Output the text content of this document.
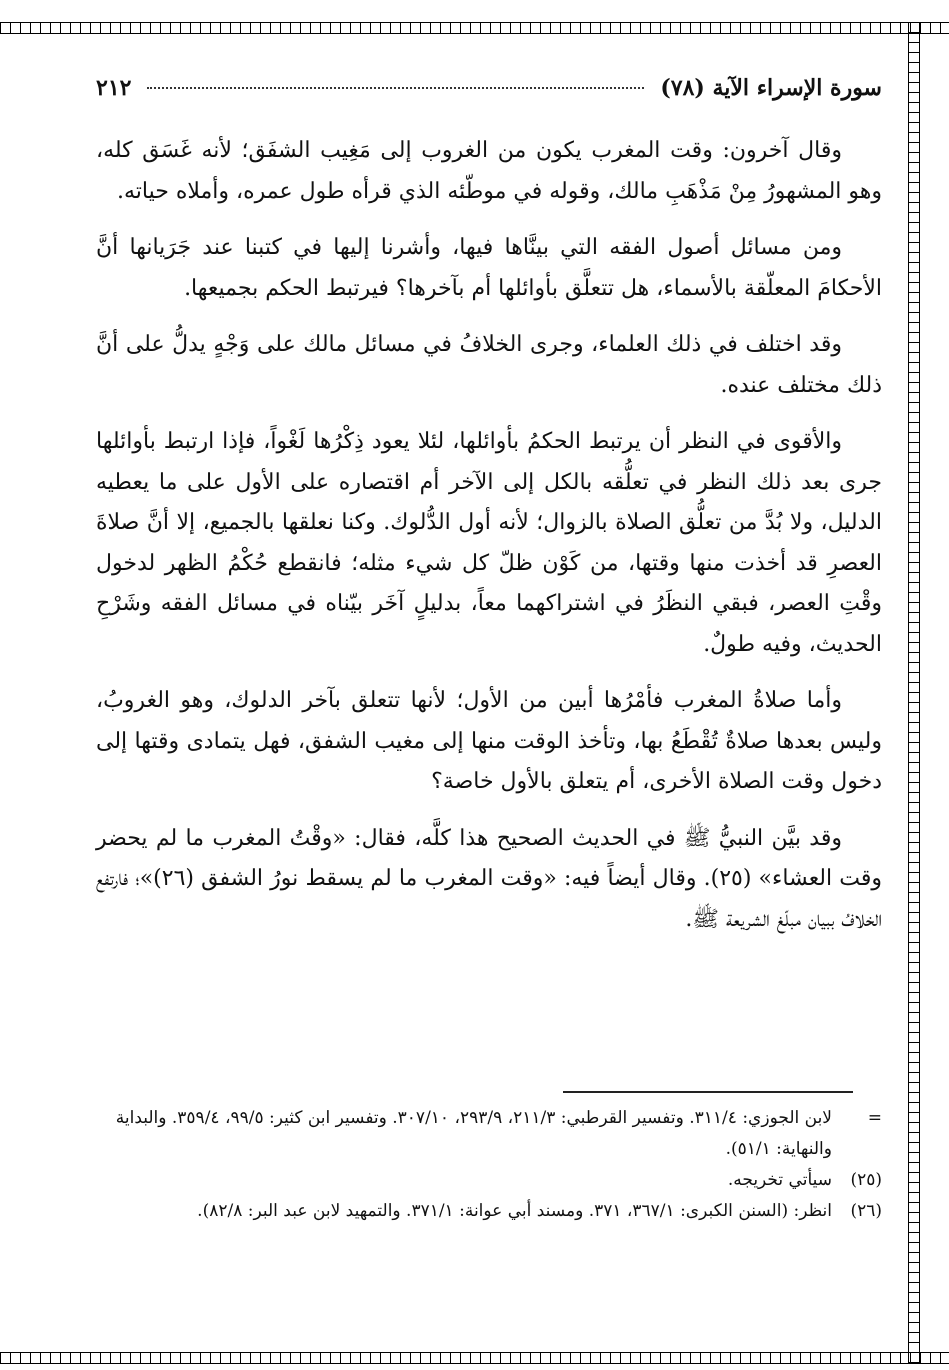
سورة الإسراء الآية (٧٨)
٢١٢

وقال آخرون: وقت المغرب يكون من الغروب إلى مَغِيب الشفَق؛ لأنه غَسَق كله، وهو المشهورُ مِنْ مَذْهَبِ مالك، وقوله في موطّئه الذي قرأه طول عمره، وأملاه حياته.

ومن مسائل أصول الفقه التي بينَّاها فيها، وأشرنا إليها في كتبنا عند جَرَيانها أنَّ الأحكامَ المعلّقة بالأسماء، هل تتعلَّق بأوائلها أم بآخرها؟ فيرتبط الحكم بجميعها.

وقد اختلف في ذلك العلماء، وجرى الخلافُ في مسائل مالك على وَجْهٍ يدلُّ على أنَّ ذلك مختلف عنده.

والأقوى في النظر أن يرتبط الحكمُ بأوائلها، لئلا يعود ذِكْرُها لَغْواً، فإذا ارتبط بأوائلها جرى بعد ذلك النظر في تعلُّقه بالكل إلى الآخر أم اقتصاره على الأول على ما يعطيه الدليل، ولا بُدَّ من تعلُّق الصلاة بالزوال؛ لأنه أول الدُّلوك. وكنا نعلقها بالجميع، إلا أنَّ صلاةَ العصرِ قد أخذت منها وقتها، من كَوْن ظلّ كل شيء مثله؛ فانقطع حُكْمُ الظهر لدخول وقْتِ العصر، فبقي النظَرُ في اشتراكهما معاً، بدليلٍ آخَر بيّناه في مسائل الفقه وشَرْحِ الحديث، وفيه طولٌ.

وأما صلاةُ المغرب فأمْرُها أبين من الأول؛ لأنها تتعلق بآخر الدلوك، وهو الغروبُ، وليس بعدها صلاةٌ تُقْطَعُ بها، وتأخذ الوقت منها إلى مغيب الشفق، فهل يتمادى وقتها إلى دخول وقت الصلاة الأخرى، أم يتعلق بالأول خاصة؟

وقد بيَّن النبيُّ ﷺ في الحديث الصحيح هذا كلَّه، فقال: «وقْتُ المغرب ما لم يحضر وقت العشاء» (٢٥). وقال أيضاً فيه: «وقت المغرب ما لم يسقط نورُ الشفق (٢٦)»؛ فارتفع الخلافُ ببيان مبلّغ الشريعة ﷺ.

=
لابن الجوزي: ٣١١/٤. وتفسير القرطبي: ٢١١/٣، ٢٩٣/٩، ٣٠٧/١٠. وتفسير ابن كثير: ٩٩/٥، ٣٥٩/٤. والبداية والنهاية: ٥١/١).
(٢٥)
سيأتي تخريجه.
(٢٦)
انظر: (السنن الكبرى: ٣٦٧/١، ٣٧١. ومسند أبي عوانة: ٣٧١/١. والتمهيد لابن عبد البر: ٨٢/٨).
